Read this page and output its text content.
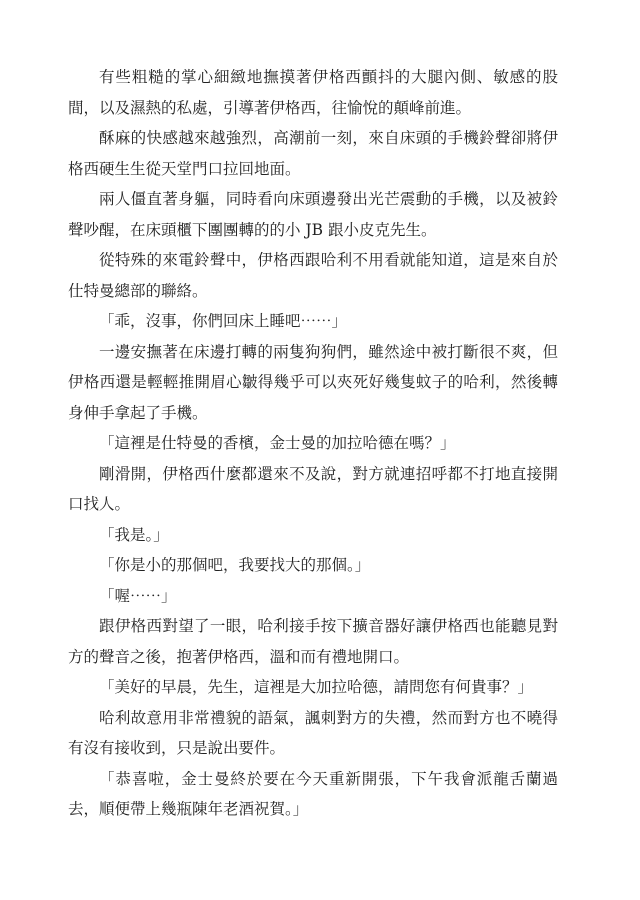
有些粗糙的掌心細緻地撫摸著伊格西顫抖的大腿內側、敏感的股間，以及濕熱的私處，引導著伊格西，往愉悅的顛峰前進。

酥麻的快感越來越強烈，高潮前一刻，來自床頭的手機鈴聲卻將伊格西硬生生從天堂門口拉回地面。

兩人僵直著身軀，同時看向床頭邊發出光芒震動的手機，以及被鈴聲吵醒，在床頭櫃下團團轉的的小 JB 跟小皮克先生。

從特殊的來電鈴聲中，伊格西跟哈利不用看就能知道，這是來自於仕特曼總部的聯絡。

「乖，沒事，你們回床上睡吧⋯⋯」

一邊安撫著在床邊打轉的兩隻狗狗們，雖然途中被打斷很不爽，但伊格西還是輕輕推開眉心皺得幾乎可以夾死好幾隻蚊子的哈利，然後轉身伸手拿起了手機。

「這裡是仕特曼的香檳，金士曼的加拉哈德在嗎？」

剛滑開，伊格西什麼都還來不及說，對方就連招呼都不打地直接開口找人。

「我是。」

「你是小的那個吧，我要找大的那個。」

「喔⋯⋯」

跟伊格西對望了一眼，哈利接手按下擴音器好讓伊格西也能聽見對方的聲音之後，抱著伊格西，溫和而有禮地開口。

「美好的早晨，先生，這裡是大加拉哈德，請問您有何貴事？」

哈利故意用非常禮貌的語氣，諷刺對方的失禮，然而對方也不曉得有沒有接收到，只是說出要件。

「恭喜啦，金士曼終於要在今天重新開張，下午我會派龍舌蘭過去，順便帶上幾瓶陳年老酒祝賀。」
